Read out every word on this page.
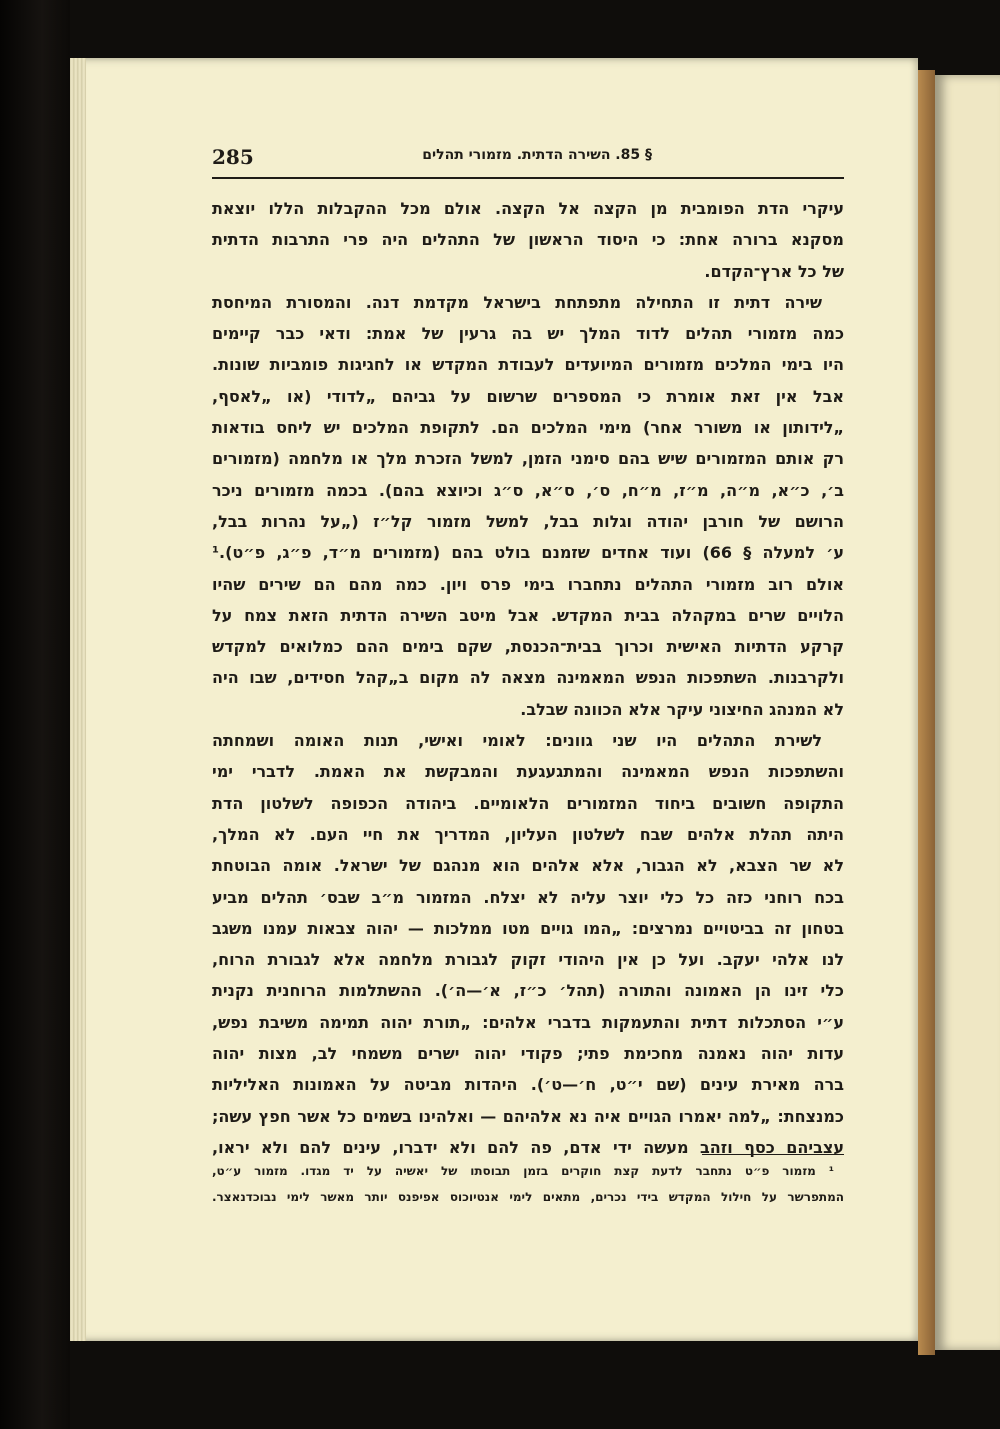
285	§ 85. השירה הדתית. מזמורי תהלים
עיקרי הדת הפומבית מן הקצה אל הקצה. אולם מכל ההקבלות הללו יוצאת
מסקנא ברורה אחת: כי היסוד הראשון של התהלים היה פרי התרבות הדתית
של כל ארץ־הקדם.
שירה דתית זו התחילה מתפתחת בישראל מקדמת דנה. והמסורת המיחסת
כמה מזמורי תהלים לדוד המלך יש בה גרעין של אמת: ודאי כבר קיימים
היו בימי המלכים מזמורים המיועדים לעבודת המקדש או לחגיגות פומביות שונות.
אבל אין זאת אומרת כי המספרים שרשום על גביהם „לדודי (או „לאסף,
„לידותון או משורר אחר) מימי המלכים הם. לתקופת המלכים יש ליחס בודאות
רק אותם המזמורים שיש בהם סימני הזמן, למשל הזכרת מלך או מלחמה (מזמורים
ב׳, כ״א, מ״ה, מ״ז, מ״ח, ס׳, ס״א, ס״ג וכיוצא בהם). בכמה מזמורים ניכר
הרושם של חורבן יהודה וגלות בבל, למשל מזמור קל״ז („על נהרות בבל,
ע׳ למעלה § 66) ועוד אחדים שזמנם בולט בהם (מזמורים מ״ד, פ״ג, פ״ט).¹
אולם רוב מזמורי התהלים נתחברו בימי פרס ויון. כמה מהם הם שירים שהיו
הלויים שרים במקהלה בבית המקדש. אבל מיטב השירה הדתית הזאת צמח על
קרקע הדתיות האישית וכרוך בבית־הכנסת, שקם בימים ההם כמלואים למקדש
ולקרבנות. השתפכות הנפש המאמינה מצאה לה מקום ב„קהל חסידים, שבו היה
לא המנהג החיצוני עיקר אלא הכוונה שבלב.
לשירת התהלים היו שני גוונים: לאומי ואישי, תנות האומה ושמחתה
והשתפכות הנפש המאמינה והמתגעגעת והמבקשת את האמת. לדברי ימי
התקופה חשובים ביחוד המזמורים הלאומיים. ביהודה הכפופה לשלטון הדת
היתה תהלת אלהים שבח לשלטון העליון, המדריך את חיי העם. לא המלך,
לא שר הצבא, לא הגבור, אלא אלהים הוא מנהגם של ישראל. אומה הבוטחת
בכח רוחני כזה כל כלי יוצר עליה לא יצלח. המזמור מ״ב שבס׳ תהלים מביע
בטחון זה בביטויים נמרצים: „המו גויים מטו ממלכות — יהוה צבאות עמנו משגב
לנו אלהי יעקב. ועל כן אין היהודי זקוק לגבורת מלחמה אלא לגבורת הרוח,
כלי זינו הן האמונה והתורה (תהל׳ כ״ז, א׳—ה׳). ההשתלמות הרוחנית נקנית
ע״י הסתכלות דתית והתעמקות בדברי אלהים: „תורת יהוה תמימה משיבת נפש,
עדות יהוה נאמנה מחכימת פתי; פקודי יהוה ישרים משמחי לב, מצות יהוה
ברה מאירת עינים (שם י״ט, ח׳—ט׳). היהדות מביטה על האמונות האליליות
כמנצחת: „למה יאמרו הגויים איה נא אלהיהם — ואלהינו בשמים כל אשר חפץ עשה;
עצביהם כסף וזהב מעשה ידי אדם, פה להם ולא ידברו, עינים להם ולא יראו,
¹ מזמור פ״ט נתחבר לדעת קצת חוקרים בזמן תבוסתו של יאשיה על יד מגדו. מזמור ע״ט,
המתפרשר על חילול המקדש בידי נכרים, מתאים לימי אנטיוכוס אפיפנס יותר מאשר לימי נבוכדנאצר.
